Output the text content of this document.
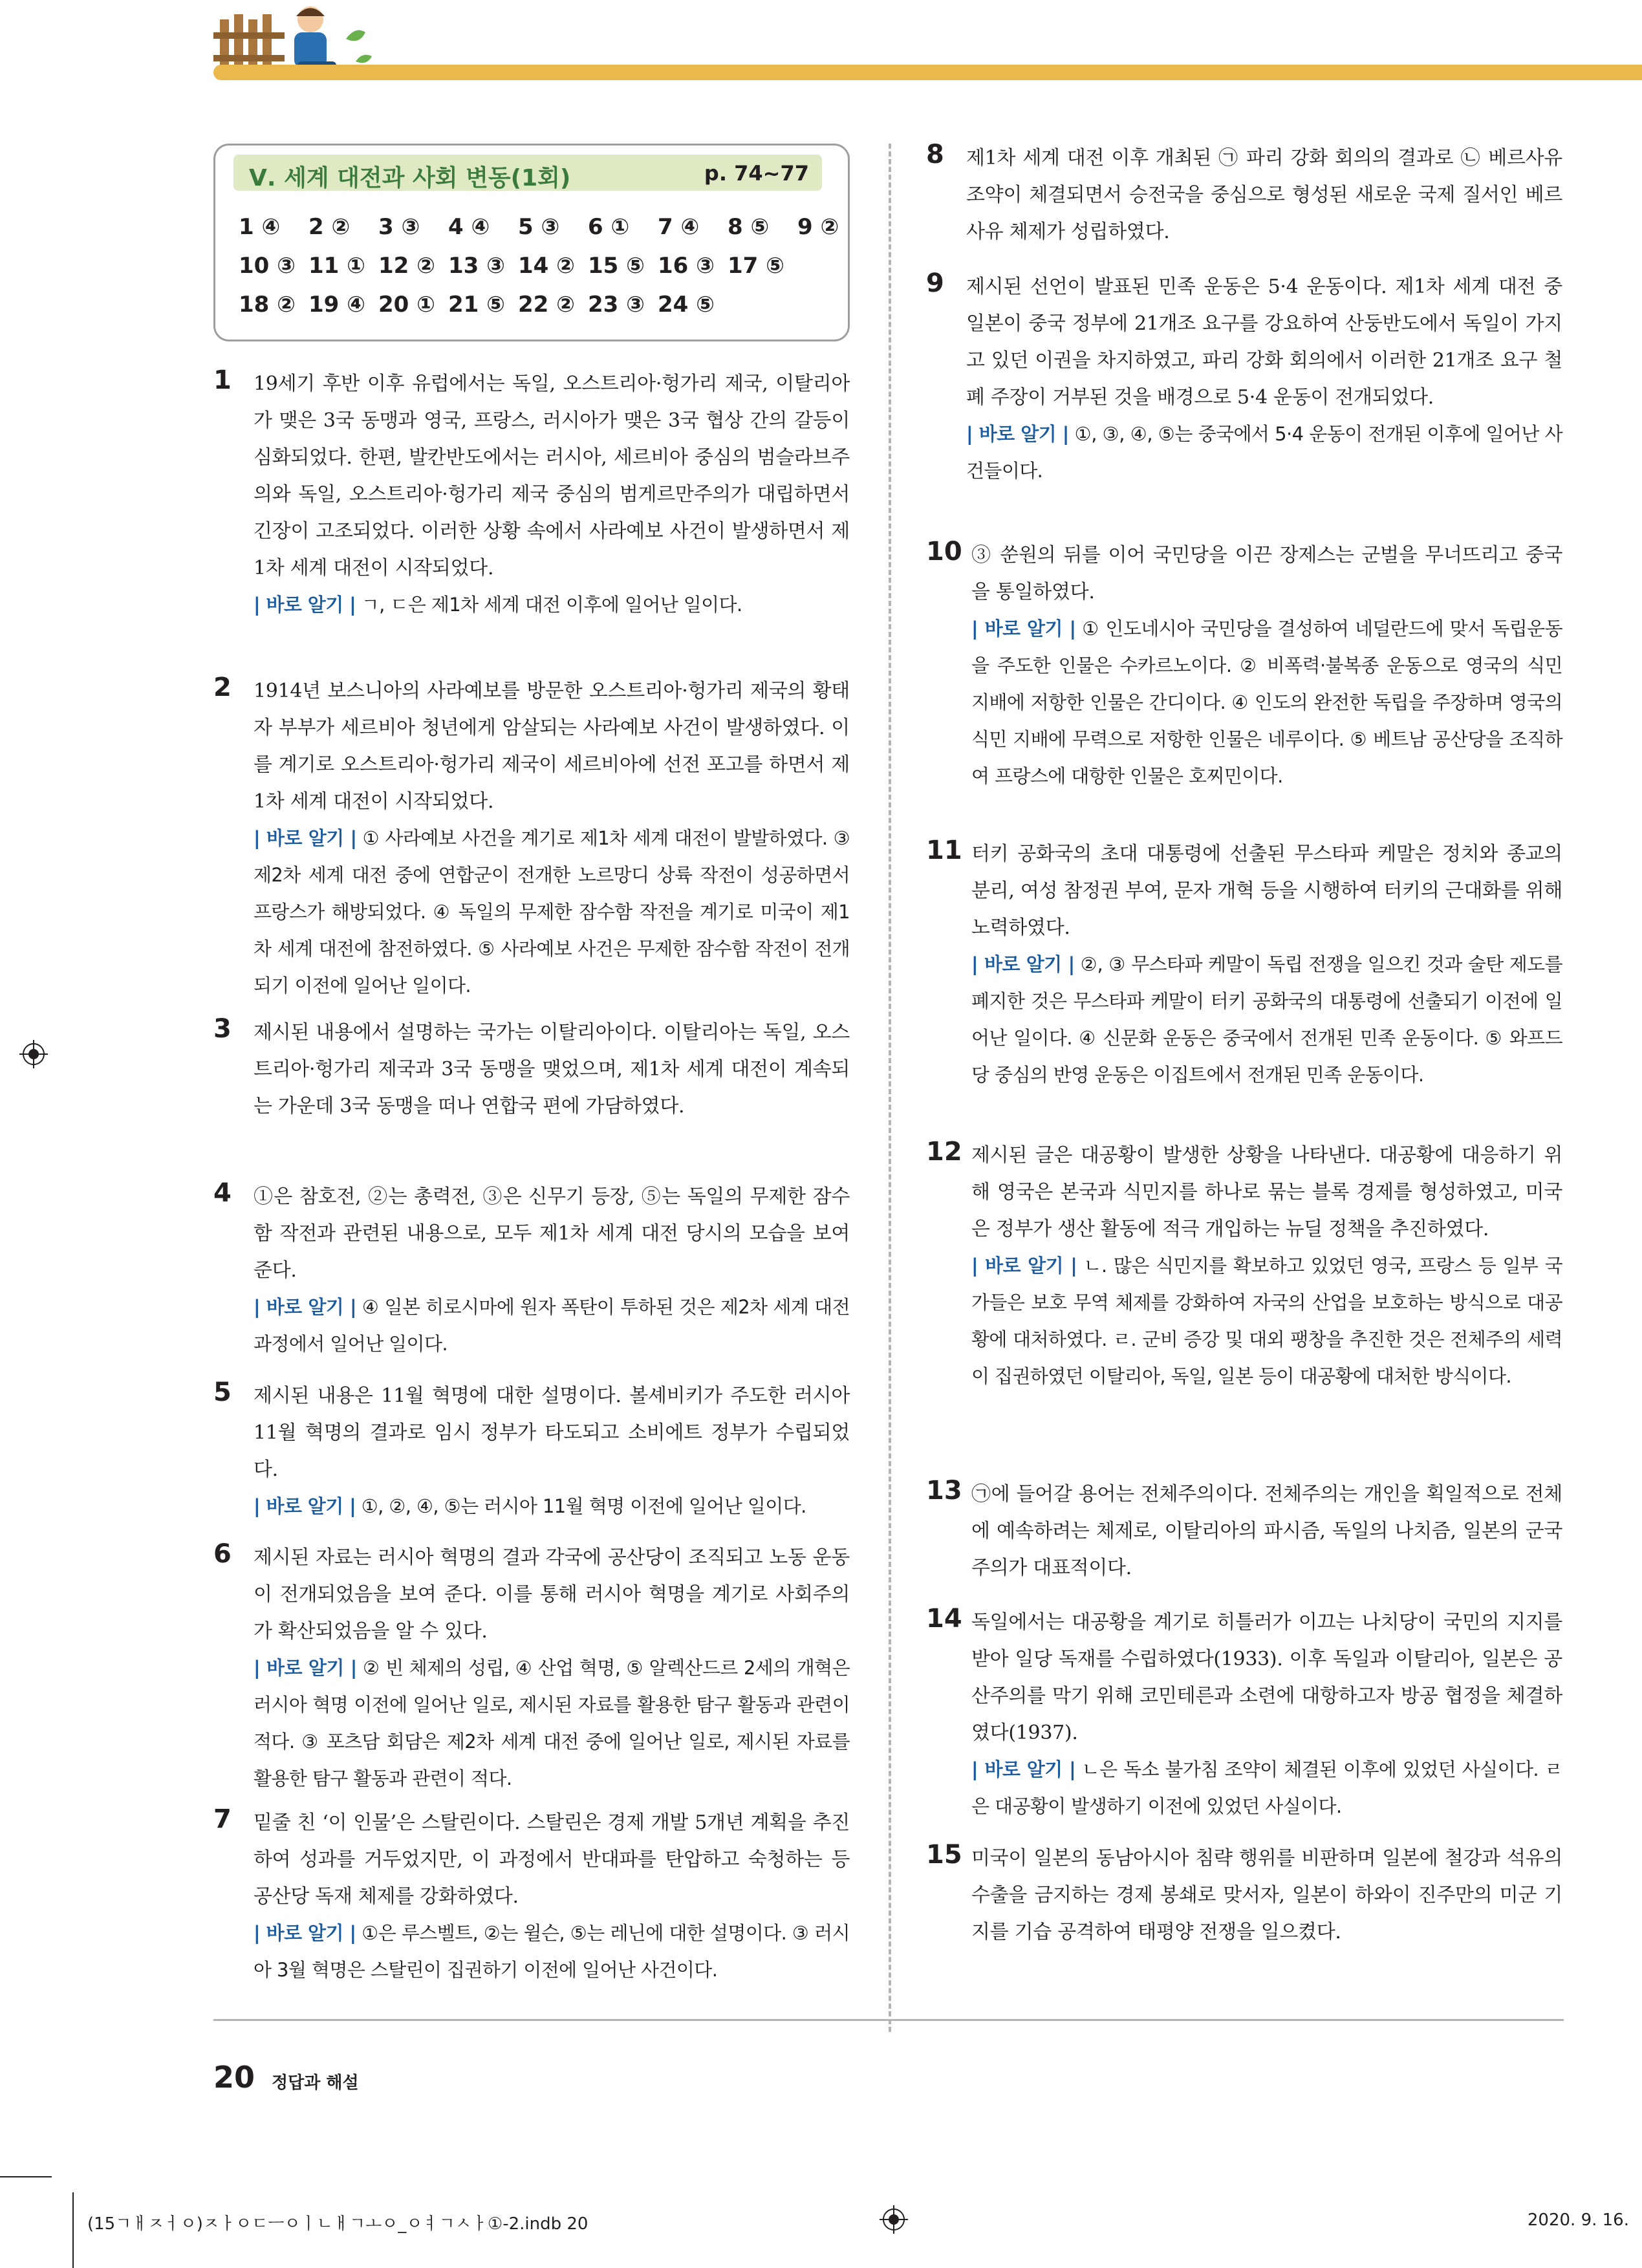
Ⅴ. 세계 대전과 사회 변동(1회)	p. 74~77
1 ④	2 ②	3 ③	4 ④	5 ③	6 ①	7 ④	8 ⑤	9 ②
10 ③ 11 ① 12 ② 13 ③ 14 ② 15 ⑤ 16 ③ 17 ⑤
18 ② 19 ④ 20 ① 21 ⑤ 22 ② 23 ③ 24 ⑤
1 19세기 후반 이후 유럽에서는 독일, 오스트리아·헝가리 제국, 이탈리아가 맺은 3국 동맹과 영국, 프랑스, 러시아가 맺은 3국 협상 간의 갈등이 심화되었다. 한편, 발칸반도에서는 러시아, 세르비아 중심의 범슬라브주의와 독일, 오스트리아·헝가리 제국 중심의 범게르만주의가 대립하면서 긴장이 고조되었다. 이러한 상황 속에서 사라예보 사건이 발생하면서 제1차 세계 대전이 시작되었다.

| 바로 알기 | ㄱ, ㄷ은 제1차 세계 대전 이후에 일어난 일이다.

2 1914년 보스니아의 사라예보를 방문한 오스트리아·헝가리 제국의 황태자 부부가 세르비아 청년에게 암살되는 사라예보 사건이 발생하였다. 이를 계기로 오스트리아·헝가리 제국이 세르비아에 선전 포고를 하면서 제1차 세계 대전이 시작되었다.

| 바로 알기 | ① 사라예보 사건을 계기로 제1차 세계 대전이 발발하였다. ③ 제2차 세계 대전 중에 연합군이 전개한 노르망디 상륙 작전이 성공하면서 프랑스가 해방되었다. ④ 독일의 무제한 잠수함 작전을 계기로 미국이 제1차 세계 대전에 참전하였다. ⑤ 사라예보 사건은 무제한 잠수함 작전이 전개되기 이전에 일어난 일이다.

3 제시된 내용에서 설명하는 국가는 이탈리아이다. 이탈리아는 독일, 오스트리아·헝가리 제국과 3국 동맹을 맺었으며, 제1차 세계 대전이 계속되는 가운데 3국 동맹을 떠나 연합국 편에 가담하였다.

4 ①은 참호전, ②는 총력전, ③은 신무기 등장, ⑤는 독일의 무제한 잠수함 작전과 관련된 내용으로, 모두 제1차 세계 대전 당시의 모습을 보여 준다.

| 바로 알기 | ④ 일본 히로시마에 원자 폭탄이 투하된 것은 제2차 세계 대전 과정에서 일어난 일이다.

5 제시된 내용은 11월 혁명에 대한 설명이다. 볼셰비키가 주도한 러시아 11월 혁명의 결과로 임시 정부가 타도되고 소비에트 정부가 수립되었다.

| 바로 알기 | ①, ②, ④, ⑤는 러시아 11월 혁명 이전에 일어난 일이다.

6 제시된 자료는 러시아 혁명의 결과 각국에 공산당이 조직되고 노동 운동이 전개되었음을 보여 준다. 이를 통해 러시아 혁명을 계기로 사회주의가 확산되었음을 알 수 있다.

| 바로 알기 | ② 빈 체제의 성립, ④ 산업 혁명, ⑤ 알렉산드르 2세의 개혁은 러시아 혁명 이전에 일어난 일로, 제시된 자료를 활용한 탐구 활동과 관련이 적다. ③ 포츠담 회담은 제2차 세계 대전 중에 일어난 일로, 제시된 자료를 활용한 탐구 활동과 관련이 적다.

7 밑줄 친 ‘이 인물’은 스탈린이다. 스탈린은 경제 개발 5개년 계획을 추진하여 성과를 거두었지만, 이 과정에서 반대파를 탄압하고 숙청하는 등 공산당 독재 체제를 강화하였다.

| 바로 알기 | ①은 루스벨트, ②는 윌슨, ⑤는 레닌에 대한 설명이다. ③ 러시아 3월 혁명은 스탈린이 집권하기 이전에 일어난 사건이다.

8 제1차 세계 대전 이후 개최된 ㉠ 파리 강화 회의의 결과로 ㉡ 베르사유 조약이 체결되면서 승전국을 중심으로 형성된 새로운 국제 질서인 베르사유 체제가 성립하였다.

9 제시된 선언이 발표된 민족 운동은 5·4 운동이다. 제1차 세계 대전 중 일본이 중국 정부에 21개조 요구를 강요하여 산둥반도에서 독일이 가지고 있던 이권을 차지하였고, 파리 강화 회의에서 이러한 21개조 요구 철폐 주장이 거부된 것을 배경으로 5·4 운동이 전개되었다.

| 바로 알기 | ①, ③, ④, ⑤는 중국에서 5·4 운동이 전개된 이후에 일어난 사건들이다.

10 ③ 쑨원의 뒤를 이어 국민당을 이끈 장제스는 군벌을 무너뜨리고 중국을 통일하였다.

| 바로 알기 | ① 인도네시아 국민당을 결성하여 네덜란드에 맞서 독립운동을 주도한 인물은 수카르노이다. ② 비폭력·불복종 운동으로 영국의 식민 지배에 저항한 인물은 간디이다. ④ 인도의 완전한 독립을 주장하며 영국의 식민 지배에 무력으로 저항한 인물은 네루이다. ⑤ 베트남 공산당을 조직하여 프랑스에 대항한 인물은 호찌민이다.

11 터키 공화국의 초대 대통령에 선출된 무스타파 케말은 정치와 종교의 분리, 여성 참정권 부여, 문자 개혁 등을 시행하여 터키의 근대화를 위해 노력하였다.

| 바로 알기 | ②, ③ 무스타파 케말이 독립 전쟁을 일으킨 것과 술탄 제도를 폐지한 것은 무스타파 케말이 터키 공화국의 대통령에 선출되기 이전에 일어난 일이다. ④ 신문화 운동은 중국에서 전개된 민족 운동이다. ⑤ 와프드당 중심의 반영 운동은 이집트에서 전개된 민족 운동이다.

12 제시된 글은 대공황이 발생한 상황을 나타낸다. 대공황에 대응하기 위해 영국은 본국과 식민지를 하나로 묶는 블록 경제를 형성하였고, 미국은 정부가 생산 활동에 적극 개입하는 뉴딜 정책을 추진하였다.

| 바로 알기 | ㄴ. 많은 식민지를 확보하고 있었던 영국, 프랑스 등 일부 국가들은 보호 무역 체제를 강화하여 자국의 산업을 보호하는 방식으로 대공황에 대처하였다. ㄹ. 군비 증강 및 대외 팽창을 추진한 것은 전체주의 세력이 집권하였던 이탈리아, 독일, 일본 등이 대공황에 대처한 방식이다.

13 ㉠에 들어갈 용어는 전체주의이다. 전체주의는 개인을 획일적으로 전체에 예속하려는 체제로, 이탈리아의 파시즘, 독일의 나치즘, 일본의 군국주의가 대표적이다.

14 독일에서는 대공황을 계기로 히틀러가 이끄는 나치당이 국민의 지지를 받아 일당 독재를 수립하였다(1933). 이후 독일과 이탈리아, 일본은 공산주의를 막기 위해 코민테른과 소련에 대항하고자 방공 협정을 체결하였다(1937).

| 바로 알기 | ㄴ은 독소 불가침 조약이 체결된 이후에 있었던 사실이다. ㄹ은 대공황이 발생하기 이전에 있었던 사실이다.

15 미국이 일본의 동남아시아 침략 행위를 비판하며 일본에 철강과 석유의 수출을 금지하는 경제 봉쇄로 맞서자, 일본이 하와이 진주만의 미군 기지를 기습 공격하여 태평양 전쟁을 일으켰다.

20 정답과 해설
(15ㄱㅐㅈㅓㅇ)ㅈㅏㅇㄷㅡㅇㅣㄴㅐㄱㅗㅇ_ㅇㅕㄱㅅㅏ①-2.indb 20	2020. 9. 16.
